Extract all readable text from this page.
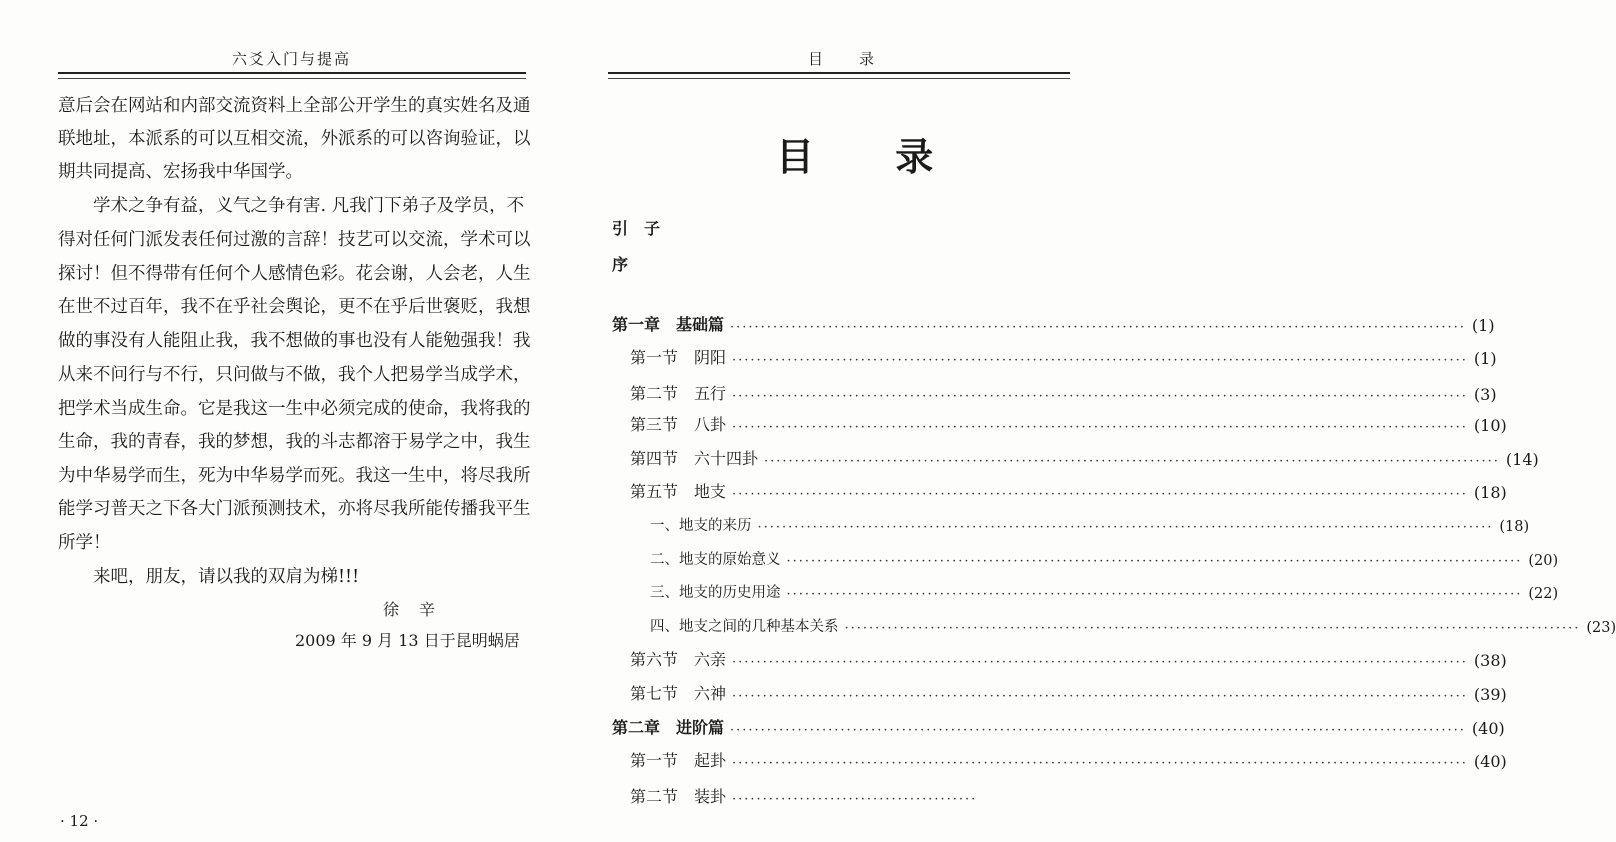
六爻入门与提高
意后会在网站和内部交流资料上全部公开学生的真实姓名及通
联地址，本派系的可以互相交流，外派系的可以咨询验证，以
期共同提高、宏扬我中华国学。
学术之争有益，义气之争有害. 凡我门下弟子及学员，不
得对任何门派发表任何过激的言辞！技艺可以交流，学术可以
探讨！但不得带有任何个人感情色彩。花会谢，人会老，人生
在世不过百年，我不在乎社会舆论，更不在乎后世褒贬，我想
做的事没有人能阻止我，我不想做的事也没有人能勉强我！我
从来不问行与不行，只问做与不做，我个人把易学当成学术，
把学术当成生命。它是我这一生中必须完成的使命，我将我的
生命，我的青春，我的梦想，我的斗志都溶于易学之中，我生
为中华易学而生，死为中华易学而死。我这一生中，将尽我所
能学习普天之下各大门派预测技术，亦将尽我所能传播我平生
所学！
来吧，朋友，请以我的双肩为梯!!!
徐　辛
2009 年 9 月 13 日于昆明蜗居
· 12 ·
目　　录
目 录
引　子
序
第一章　基础篇 ························································································································ (1)
第一节　阴阳 ························································································································ (1)
第二节　五行 ························································································································ (3)
第三节　八卦 ························································································································ (10)
第四节　六十四卦 ························································································································ (14)
第五节　地支 ························································································································ (18)
一、地支的来历 ························································································································ (18)
二、地支的原始意义 ························································································································ (20)
三、地支的历史用途 ························································································································ (22)
四、地支之间的几种基本关系 ························································································································ (23)
第六节　六亲 ························································································································ (38)
第七节　六神 ························································································································ (39)
第二章　进阶篇 ························································································································ (40)
第一节　起卦 ························································································································ (40)
第二节　装卦 ········································
